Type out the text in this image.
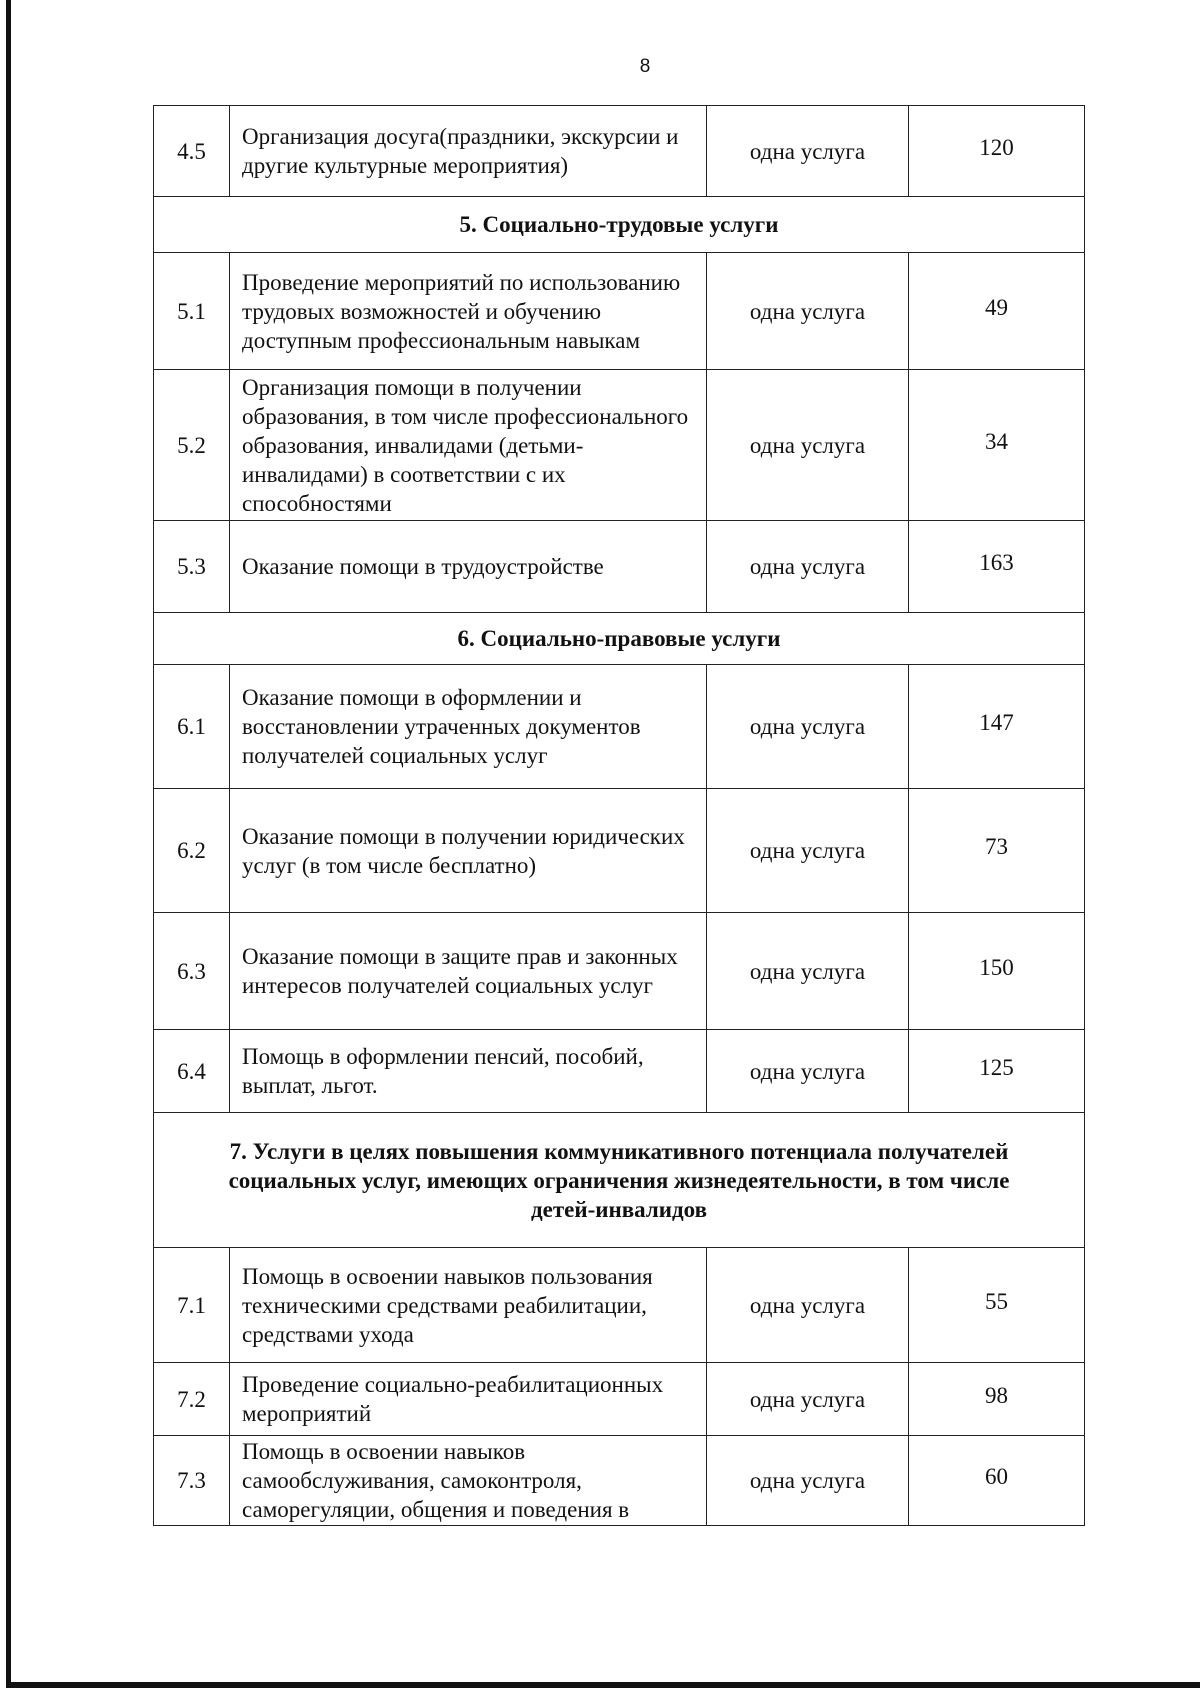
8
4.5	Организация досуга(праздники, экскурсии и другие культурные мероприятия)	одна услуга	120

5. Социально-трудовые услуги			

5.1	Проведение мероприятий по использованию трудовых возможностей и обучению доступным профессиональным навыкам	одна услуга	49
5.2	Организация помощи в получении образования, в том числе профессионального образования, инвалидами (детьми-инвалидами) в соответствии с их способностями	одна услуга	34
5.3	Оказание помощи в трудоустройстве	одна услуга	163

6. Социально-правовые услуги			

6.1	Оказание помощи в оформлении и восстановлении утраченных документов получателей социальных услуг	одна услуга	147
6.2	Оказание помощи в получении юридических услуг (в том числе бесплатно)	одна услуга	73
6.3	Оказание помощи в защите прав и законных интересов получателей социальных услуг	одна услуга	150
6.4	Помощь в оформлении пенсий, пособий, выплат, льгот.	одна услуга	125

7. Услуги в целях повышения коммуникативного потенциала получателей социальных услуг, имеющих ограничения жизнедеятельности, в том числе детей-инвалидов			

7.1	Помощь в освоении навыков пользования техническими средствами реабилитации, средствами ухода	одна услуга	55
7.2	Проведение социально-реабилитационных мероприятий	одна услуга	98
7.3	Помощь в освоении навыков самообслуживания, самоконтроля, саморегуляции, общения и поведения в	одна услуга	60
